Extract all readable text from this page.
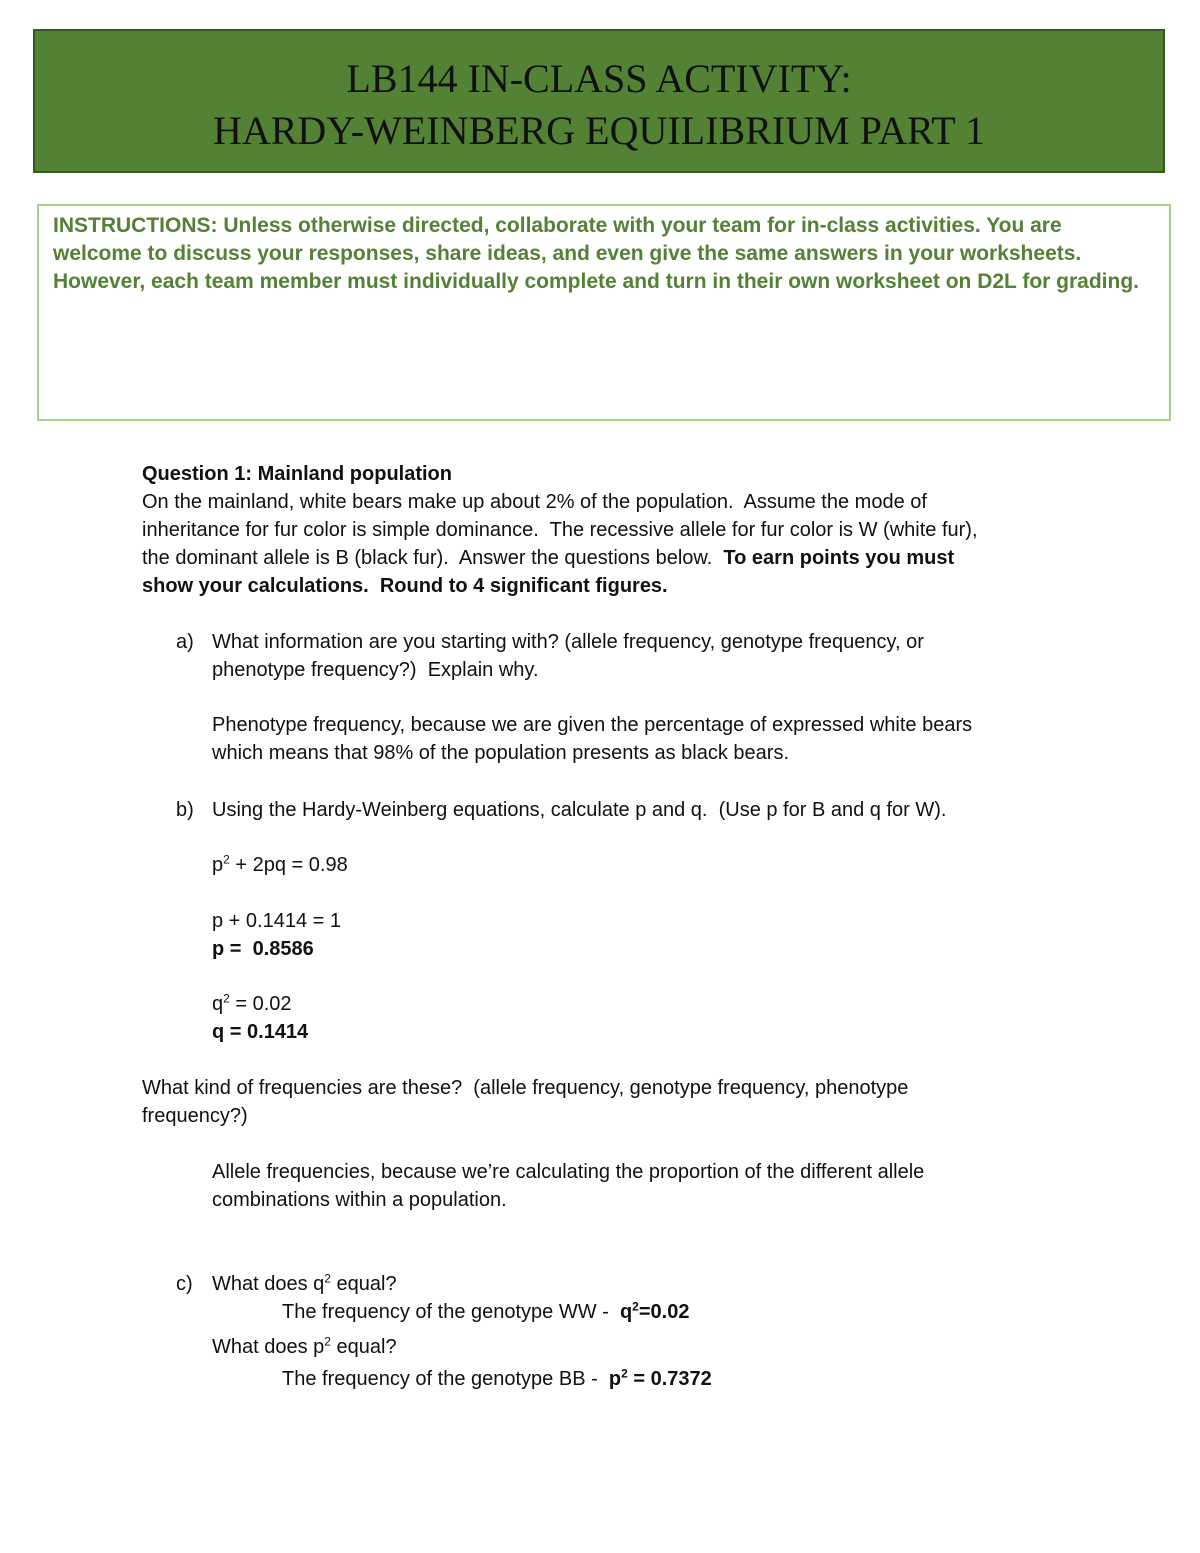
LB144 IN-CLASS ACTIVITY:
HARDY-WEINBERG EQUILIBRIUM PART 1
INSTRUCTIONS: Unless otherwise directed, collaborate with your team for in-class activities. You are welcome to discuss your responses, share ideas, and even give the same answers in your worksheets. However, each team member must individually complete and turn in their own worksheet on D2L for grading.
Question 1: Mainland population
On the mainland, white bears make up about 2% of the population.  Assume the mode of
inheritance for fur color is simple dominance.  The recessive allele for fur color is W (white fur),
the dominant allele is B (black fur).  Answer the questions below.  To earn points you must
show your calculations.  Round to 4 significant figures.
a) What information are you starting with? (allele frequency, genotype frequency, or
phenotype frequency?)  Explain why.
Phenotype frequency, because we are given the percentage of expressed white bears
which means that 98% of the population presents as black bears.
b) Using the Hardy-Weinberg equations, calculate p and q.  (Use p for B and q for W).
$p^2 + 2pq = 0.98$
p + 0.1414 = 1
p =  0.8586
$q^2 = 0.02$
q = 0.1414
What kind of frequencies are these?  (allele frequency, genotype frequency, phenotype
frequency?)
Allele frequencies, because we’re calculating the proportion of the different allele
combinations within a population.
c) What does $q^2$ equal?
The frequency of the genotype WW -  $q^2=0.02$
What does $p^2$ equal?
The frequency of the genotype BB -  $p^2 = 0.7372$
